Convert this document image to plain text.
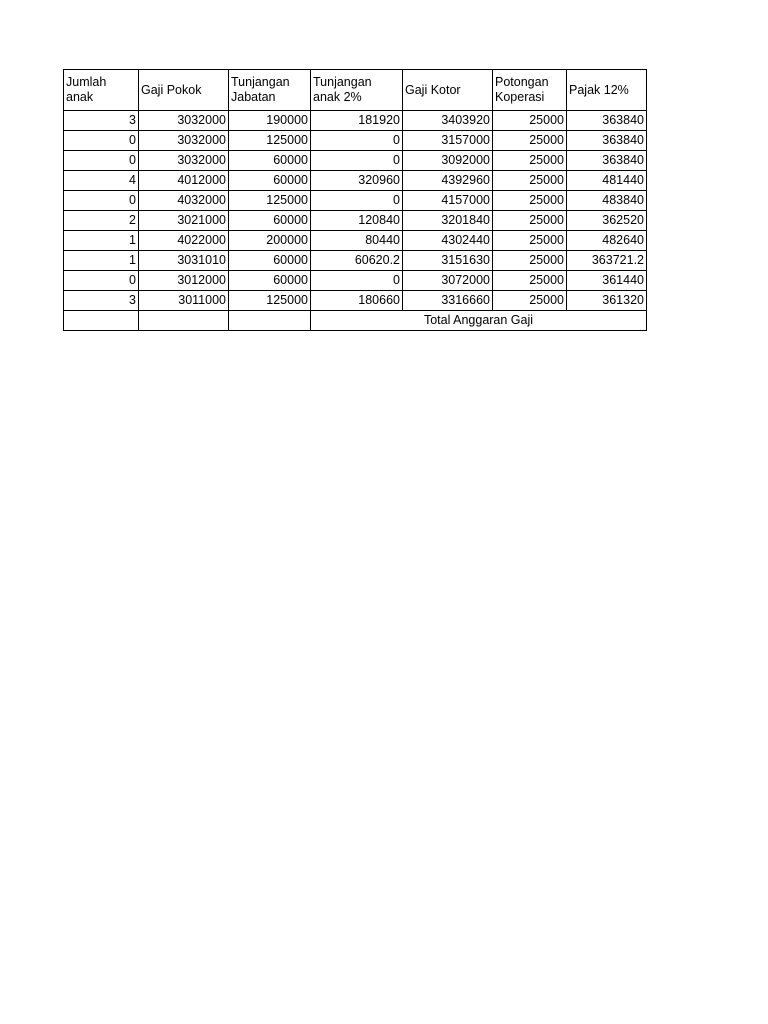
Jumlah anak	Gaji Pokok	Tunjangan Jabatan	Tunjangan anak 2%	Gaji Kotor	Potongan Koperasi	Pajak 12%
3	3032000	190000	181920	3403920	25000	363840
0	3032000	125000	0	3157000	25000	363840
0	3032000	60000	0	3092000	25000	363840
4	4012000	60000	320960	4392960	25000	481440
0	4032000	125000	0	4157000	25000	483840
2	3021000	60000	120840	3201840	25000	362520
1	4022000	200000	80440	4302440	25000	482640
1	3031010	60000	60620.2	3151630	25000	363721.2
0	3012000	60000	0	3072000	25000	361440
3	3011000	125000	180660	3316660	25000	361320
			Total Anggaran Gaji			
